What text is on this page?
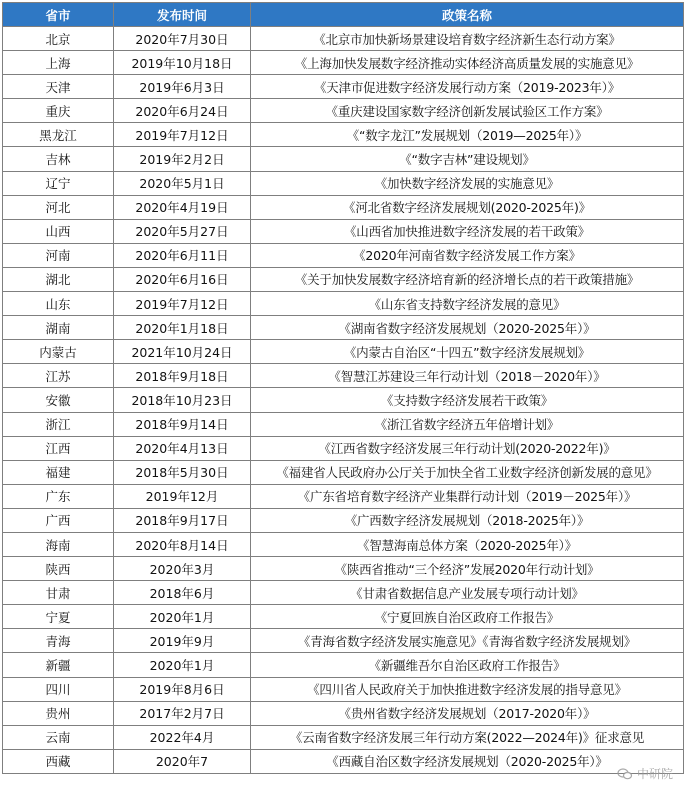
省市	发布时间	政策名称
北京	2020年7月30日	《北京市加快新场景建设培育数字经济新生态行动方案》
上海	2019年10月18日	《上海加快发展数字经济推动实体经济高质量发展的实施意见》
天津	2019年6月3日	《天津市促进数字经济发展行动方案（2019-2023年）》
重庆	2020年6月24日	《重庆建设国家数字经济创新发展试验区工作方案》
黑龙江	2019年7月12日	《“数字龙江”发展规划（2019—2025年）》
吉林	2019年2月2日	《“数字吉林”建设规划》
辽宁	2020年5月1日	《加快数字经济发展的实施意见》
河北	2020年4月19日	《河北省数字经济发展规划(2020-2025年)》
山西	2020年5月27日	《山西省加快推进数字经济发展的若干政策》
河南	2020年6月11日	《2020年河南省数字经济发展工作方案》
湖北	2020年6月16日	《关于加快发展数字经济培育新的经济增长点的若干政策措施》
山东	2019年7月12日	《山东省支持数字经济发展的意见》
湖南	2020年1月18日	《湖南省数字经济发展规划（2020-2025年）》
内蒙古	2021年10月24日	《内蒙古自治区“十四五”数字经济发展规划》
江苏	2018年9月18日	《智慧江苏建设三年行动计划（2018－2020年）》
安徽	2018年10月23日	《支持数字经济发展若干政策》
浙江	2018年9月14日	《浙江省数字经济五年倍增计划》
江西	2020年4月13日	《江西省数字经济发展三年行动计划(2020-2022年)》
福建	2018年5月30日	《福建省人民政府办公厅关于加快全省工业数字经济创新发展的意见》
广东	2019年12月	《广东省培育数字经济产业集群行动计划（2019－2025年）》
广西	2018年9月17日	《广西数字经济发展规划（2018-2025年）》
海南	2020年8月14日	《智慧海南总体方案（2020-2025年）》
陕西	2020年3月	《陕西省推动“三个经济”发展2020年行动计划》
甘肃	2018年6月	《甘肃省数据信息产业发展专项行动计划》
宁夏	2020年1月	《宁夏回族自治区政府工作报告》
青海	2019年9月	《青海省数字经济发展实施意见》《青海省数字经济发展规划》
新疆	2020年1月	《新疆维吾尔自治区政府工作报告》
四川	2019年8月6日	《四川省人民政府关于加快推进数字经济发展的指导意见》
贵州	2017年2月7日	《贵州省数字经济发展规划（2017-2020年）》
云南	2022年4月	《云南省数字经济发展三年行动方案(2022—2024年)》征求意见
西藏	2020年7	《西藏自治区数字经济发展规划（2020-2025年）》
中研院
